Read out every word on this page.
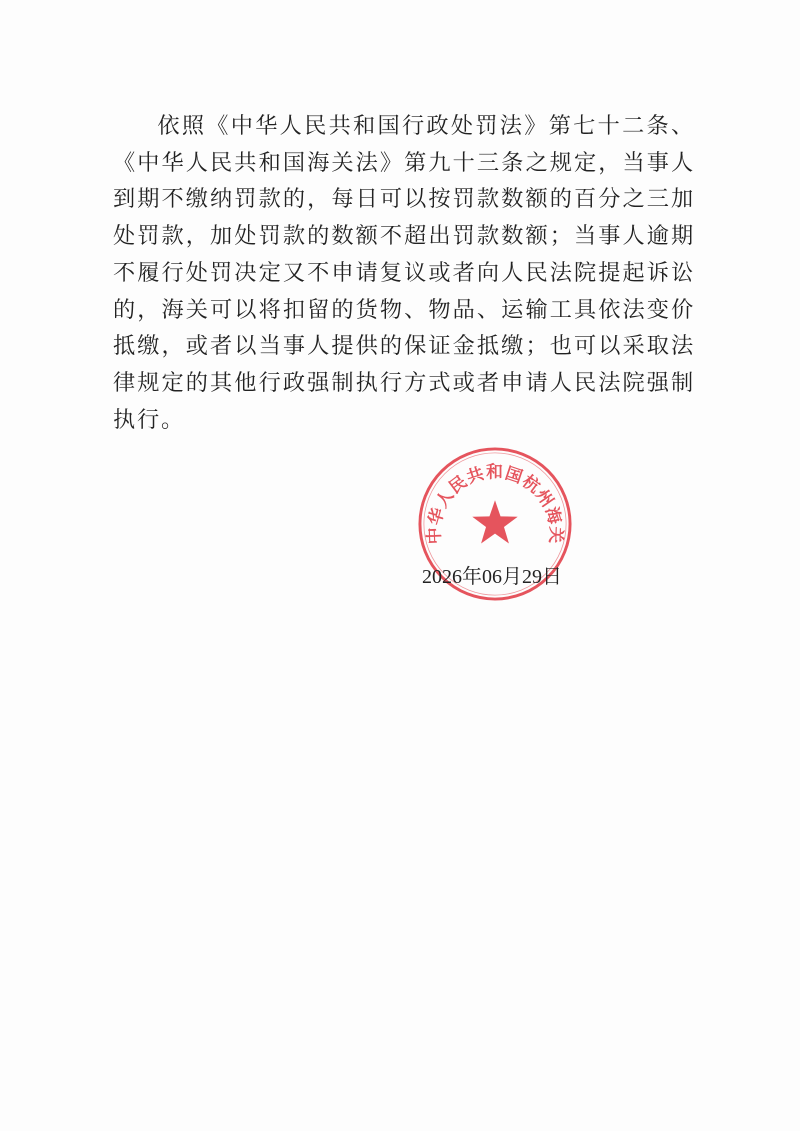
依照《中华人民共和国行政处罚法》第七十二条、《中华人民共和国海关法》第九十三条之规定，当事人到期不缴纳罚款的，每日可以按罚款数额的百分之三加处罚款，加处罚款的数额不超出罚款数额；当事人逾期不履行处罚决定又不申请复议或者向人民法院提起诉讼的，海关可以将扣留的货物、物品、运输工具依法变价抵缴，或者以当事人提供的保证金抵缴；也可以采取法律规定的其他行政强制执行方式或者申请人民法院强制执行。

中华人民共和国杭州海关
2026年06月29日
